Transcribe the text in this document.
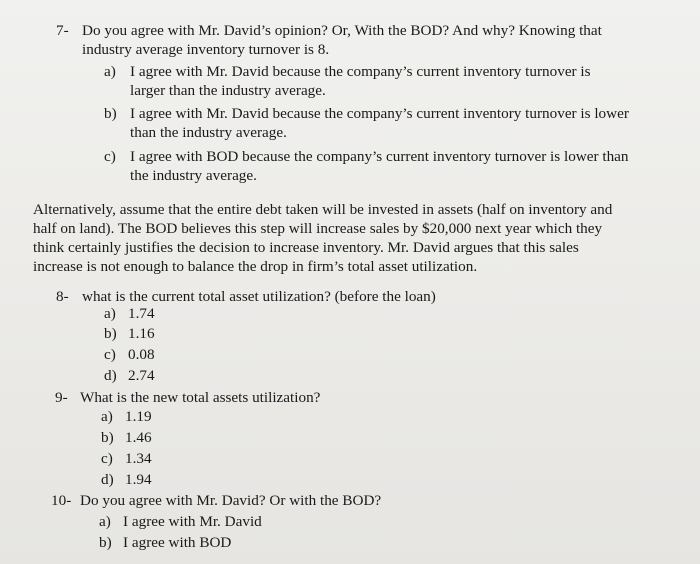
7- Do you agree with Mr. David’s opinion? Or, With the BOD? And why? Knowing that
industry average inventory turnover is 8.
a) I agree with Mr. David because the company’s current inventory turnover is
larger than the industry average.
b) I agree with Mr. David because the company’s current inventory turnover is lower
than the industry average.
c) I agree with BOD because the company’s current inventory turnover is lower than
the industry average.
Alternatively, assume that the entire debt taken will be invested in assets (half on inventory and
half on land). The BOD believes this step will increase sales by $20,000 next year which they
think certainly justifies the decision to increase inventory. Mr. David argues that this sales
increase is not enough to balance the drop in firm’s total asset utilization.
8- what is the current total asset utilization? (before the loan)
a) 1.74
b) 1.16
c) 0.08
d) 2.74
9- What is the new total assets utilization?
a) 1.19
b) 1.46
c) 1.34
d) 1.94
10- Do you agree with Mr. David? Or with the BOD?
a) I agree with Mr. David
b) I agree with BOD
